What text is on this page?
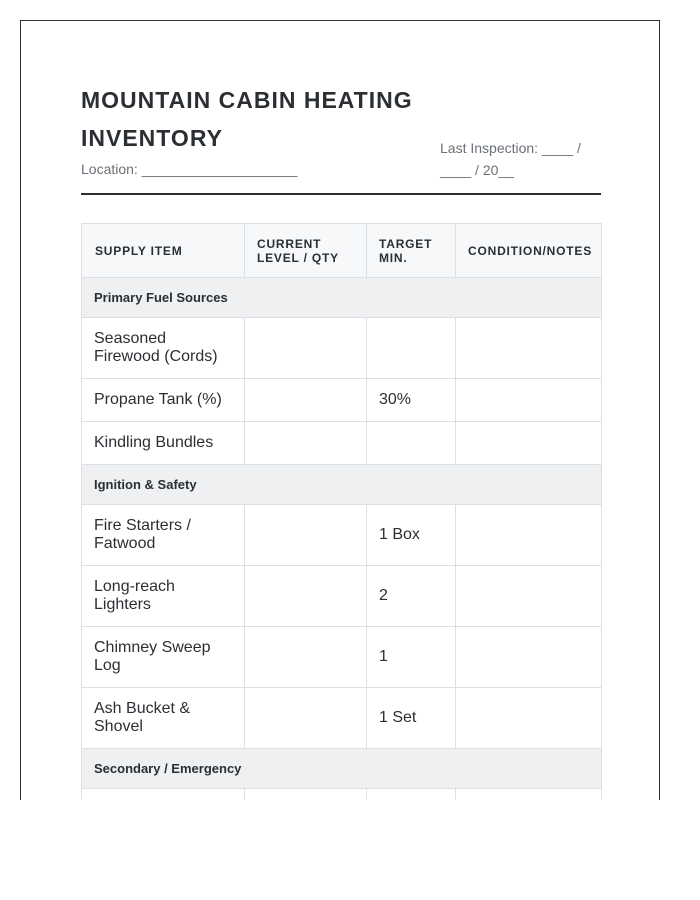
MOUNTAIN CABIN HEATING INVENTORY
Location: ____________________
Last Inspection: ____ / ____ / 20__
SUPPLY ITEM	CURRENT LEVEL / QTY	TARGET MIN.	CONDITION/NOTES
Primary Fuel Sources			
Seasoned Firewood (Cords)			
Propane Tank (%)		30%	
Kindling Bundles			
Ignition & Safety			
Fire Starters / Fatwood		1 Box	
Long-reach Lighters		2	
Chimney Sweep Log		1	
Ash Bucket & Shovel		1 Set	
Secondary / Emergency			
